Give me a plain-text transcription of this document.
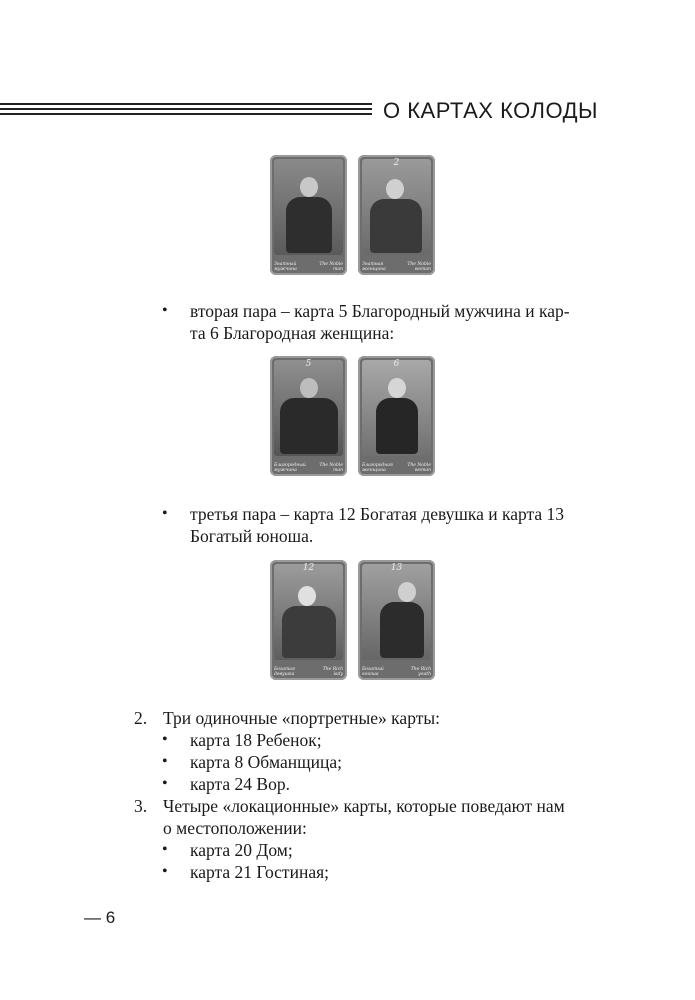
О КАРТАХ КОЛОДЫ
Знатный мужчина
The Noble man
2
Знатная женщина
The Noble woman
• вторая пара – карта 5 Благородный мужчина и кар-
та 6 Благородная женщина:
5
Благородный мужчина
The Noble man
6
Благородная женщина
The Noble woman
• третья пара – карта 12 Богатая девушка и карта 13
Богатый юноша.
12
Богатая девушка
The Rich lady
13
Богатый юноша
The Rich youth
2. Три одиночные «портретные» карты:
• карта 18 Ребенок;
• карта 8 Обманщица;
• карта 24 Вор.
3. Четыре «локационные» карты, которые поведают нам
о местоположении:
• карта 20 Дом;
• карта 21 Гостиная;
— 6
